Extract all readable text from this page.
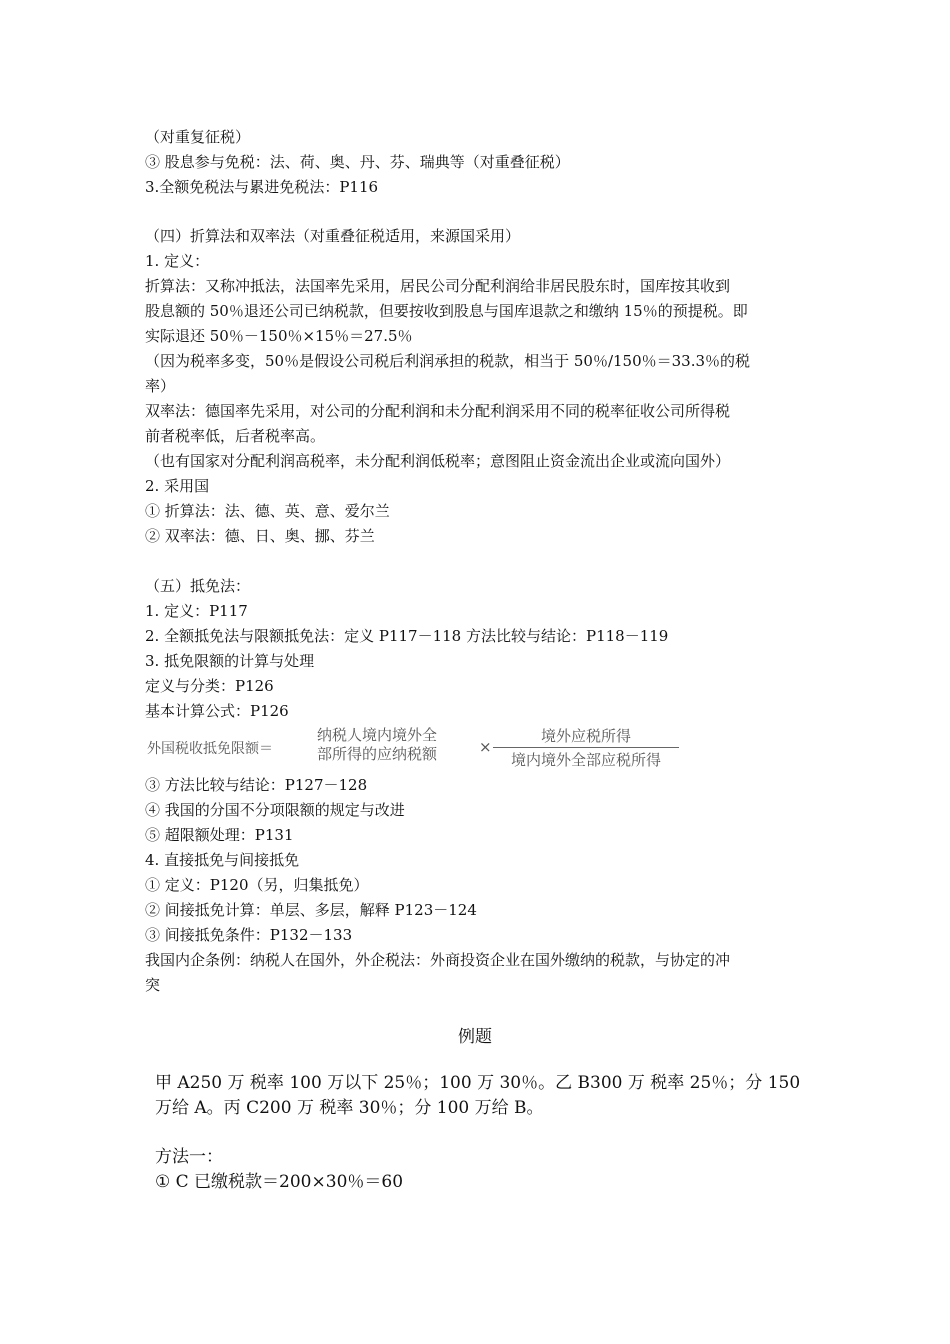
（对重复征税）
③ 股息参与免税：法、荷、奥、丹、芬、瑞典等（对重叠征税）
3.全额免税法与累进免税法：P116
（四）折算法和双率法（对重叠征税适用，来源国采用）
1. 定义：
折算法：又称冲抵法，法国率先采用，居民公司分配利润给非居民股东时，国库按其收到
股息额的 50％退还公司已纳税款，但要按收到股息与国库退款之和缴纳 15％的预提税。即
实际退还 50％－150％×15％＝27.5％
（因为税率多变，50％是假设公司税后利润承担的税款，相当于 50％/150％＝33.3％的税
率）
双率法：德国率先采用，对公司的分配利润和未分配利润采用不同的税率征收公司所得税
前者税率低，后者税率高。
（也有国家对分配利润高税率，未分配利润低税率；意图阻止资金流出企业或流向国外）
2. 采用国
① 折算法：法、德、英、意、爱尔兰
② 双率法：德、日、奥、挪、芬兰
（五）抵免法：
1. 定义：P117
2. 全额抵免法与限额抵免法：定义 P117－118 方法比较与结论：P118－119
3. 抵免限额的计算与处理
定义与分类：P126
基本计算公式：P126
外国税收抵免限额＝
纳税人境内境外全
部所得的应纳税额	×
境外应税所得
境内境外全部应税所得
③ 方法比较与结论：P127－128
④ 我国的分国不分项限额的规定与改进
⑤ 超限额处理：P131
4. 直接抵免与间接抵免
① 定义：P120（另，归集抵免）
② 间接抵免计算：单层、多层，解释 P123－124
③ 间接抵免条件：P132－133
我国内企条例：纳税人在国外，外企税法：外商投资企业在国外缴纳的税款，与协定的冲
突
例题
甲 A250 万 税率 100 万以下 25％；100 万 30％。乙 B300 万 税率 25％；分 150
万给 A。丙 C200 万 税率 30％；分 100 万给 B。
方法一：
① C 已缴税款＝200×30％＝60
